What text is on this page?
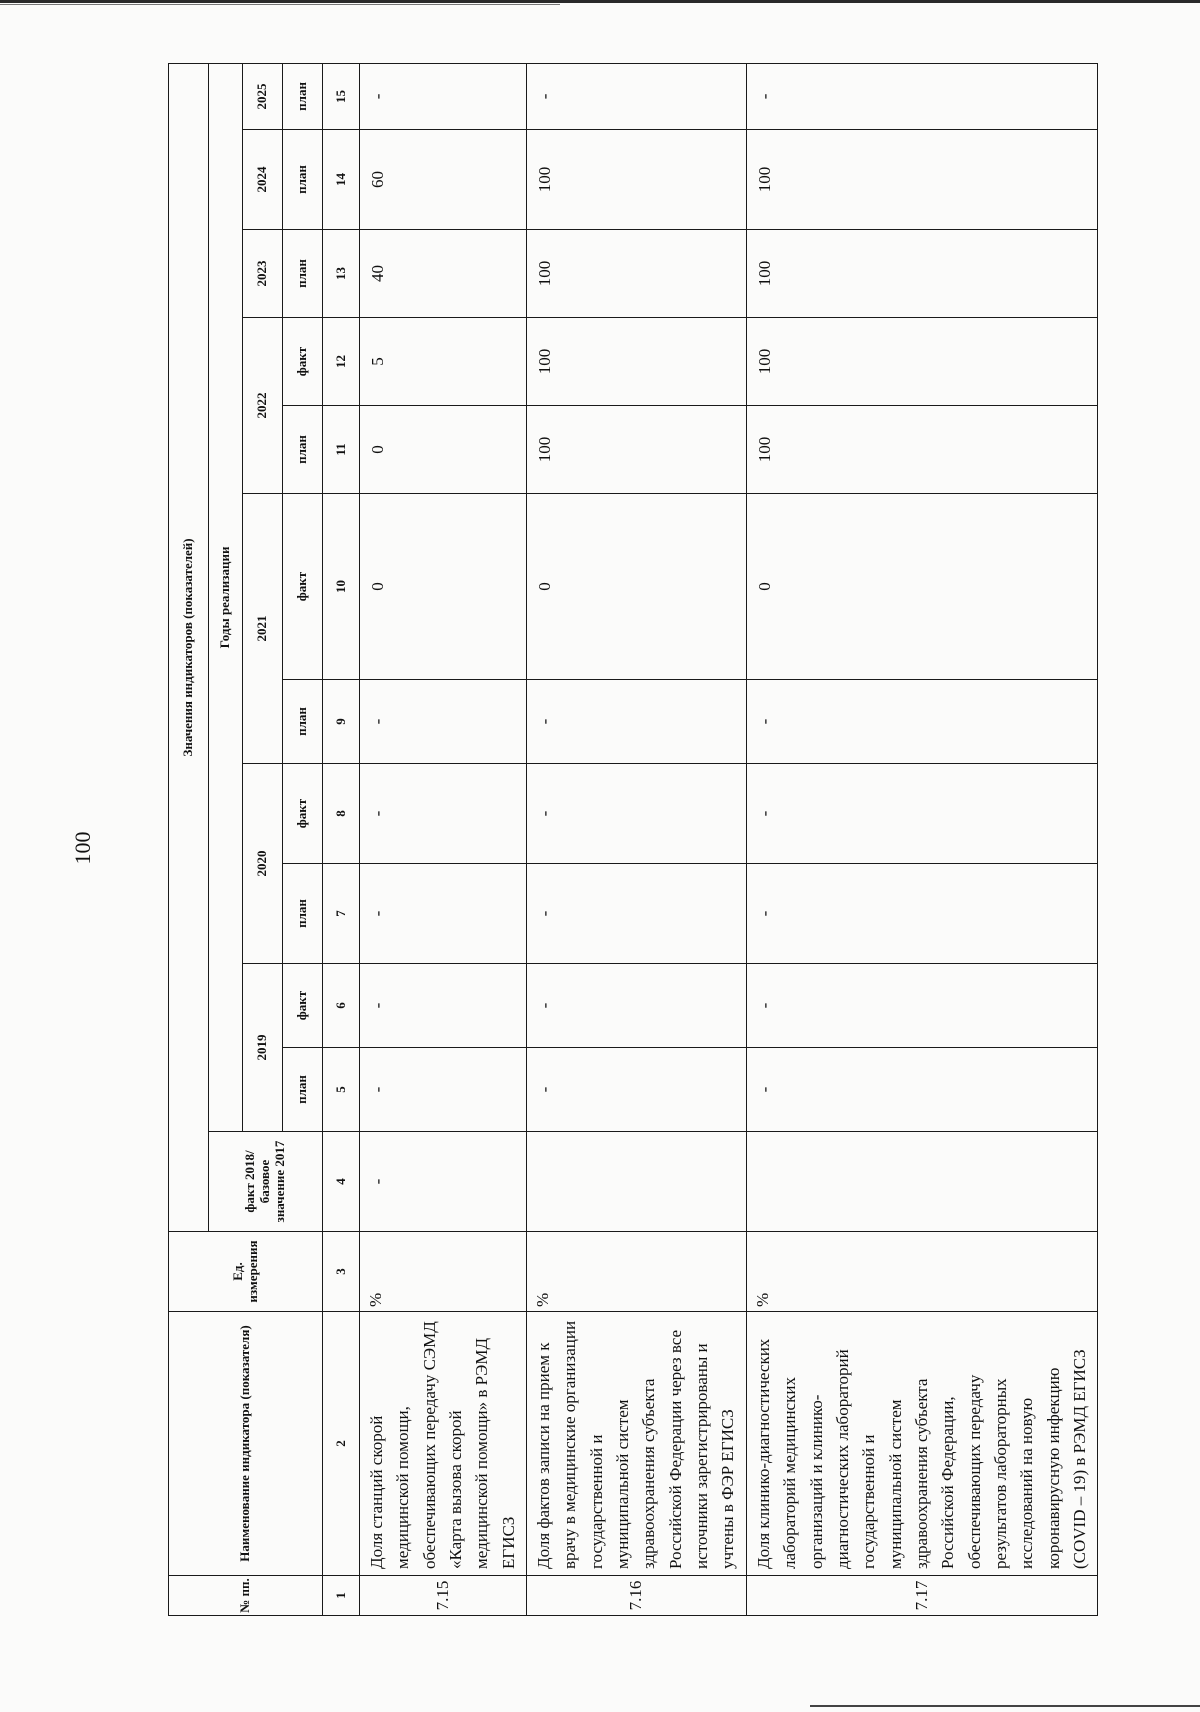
100
№ пп.	Наименование индикатора (показателя)	Ед. измерения	Значения индикаторов (показателей)											
			факт 2018/базовое значение 2017	Годы реализации										
				2019		2020		2021		2022		2023	2024	2025
				план	факт	план	факт	план	факт	план	факт	план	план	план
1	2	3	4	5	6	7	8	9	10	11	12	13	14	15
7.15	Доля станций скорой медицинской помощи, обеспечивающих передачу СЭМД «Карта вызова скорой медицинской помощи» в РЭМД ЕГИСЗ	%	-	-	-	-	-	-	0	0	5	40	60	-
7.16	Доля фактов записи на прием к врачу в медицинские организации государственной и муниципальной систем здравоохранения субъекта Российской Федерации через все источники зарегистрированы и учтены в ФЭР ЕГИСЗ	%		-	-	-	-	-	0	100	100	100	100	-
7.17	Доля клинико-диагностических лабораторий медицинских организаций и клинико-диагностических лабораторий государственной и муниципальной систем здравоохранения субъекта Российской Федерации, обеспечивающих передачу результатов лабораторных исследований на новую коронавирусную инфекцию (COVID – 19) в РЭМД ЕГИСЗ	%		-	-	-	-	-	0	100	100	100	100	-
